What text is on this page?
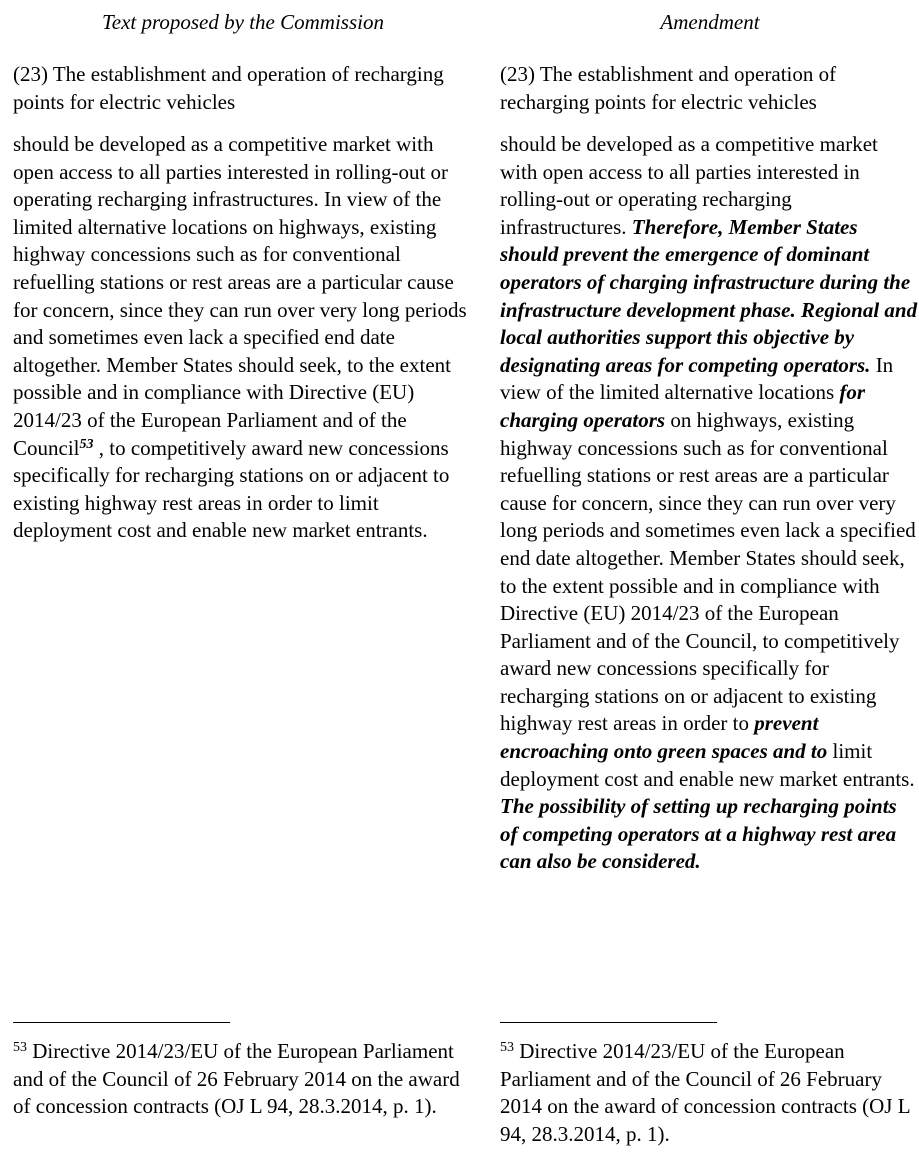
Text proposed by the Commission

(23) The establishment and operation of recharging points for electric vehicles

should be developed as a competitive market with open access to all parties interested in rolling-out or operating recharging infrastructures. In view of the limited alternative locations on highways, existing highway concessions such as for conventional refuelling stations or rest areas are a particular cause for concern, since they can run over very long periods and sometimes even lack a specified end date altogether. Member States should seek, to the extent possible and in compliance with Directive (EU) 2014/23 of the European Parliament and of the Council$^{53}$ , to competitively award new concessions specifically for recharging stations on or adjacent to existing highway rest areas in order to limit deployment cost and enable new market entrants.

$^{53}$ Directive 2014/23/EU of the European Parliament and of the Council of 26 February 2014 on the award of concession contracts (OJ L 94, 28.3.2014, p. 1).

Amendment

(23) The establishment and operation of recharging points for electric vehicles

should be developed as a competitive market with open access to all parties interested in rolling-out or operating recharging infrastructures. Therefore, Member States should prevent the emergence of dominant operators of charging infrastructure during the infrastructure development phase. Regional and local authorities support this objective by designating areas for competing operators. In view of the limited alternative locations for charging operators on highways, existing highway concessions such as for conventional refuelling stations or rest areas are a particular cause for concern, since they can run over very long periods and sometimes even lack a specified end date altogether. Member States should seek, to the extent possible and in compliance with Directive (EU) 2014/23 of the European Parliament and of the Council, to competitively award new concessions specifically for recharging stations on or adjacent to existing highway rest areas in order to prevent encroaching onto green spaces and to limit deployment cost and enable new market entrants. The possibility of setting up recharging points of competing operators at a highway rest area can also be considered.

$^{53}$ Directive 2014/23/EU of the European Parliament and of the Council of 26 February 2014 on the award of concession contracts (OJ L 94, 28.3.2014, p. 1).
